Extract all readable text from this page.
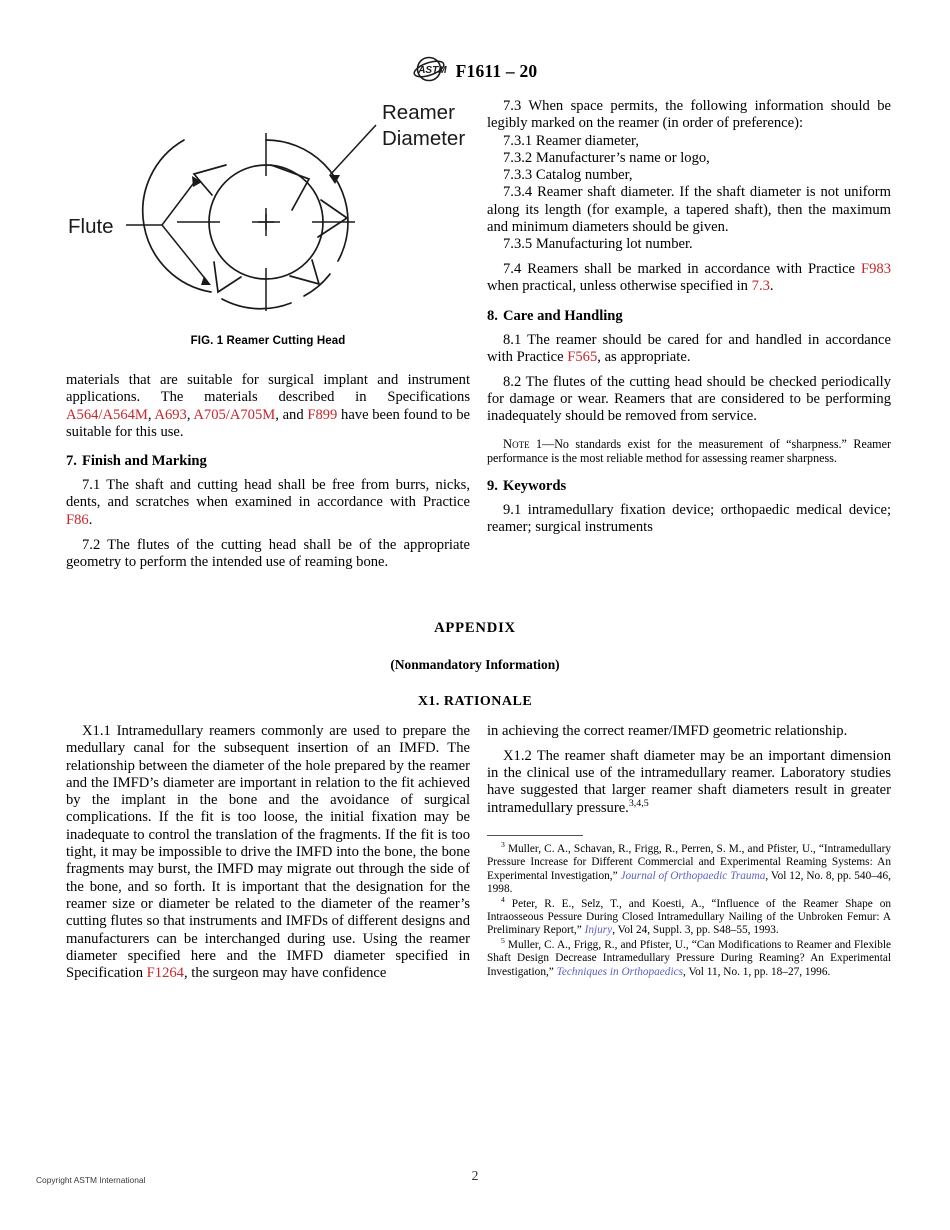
ASTM F1611 – 20
Reamer
Diameter
Flute
FIG. 1 Reamer Cutting Head

materials that are suitable for surgical implant and instrument applications. The materials described in Specifications A564/A564M, A693, A705/A705M, and F899 have been found to be suitable for this use.

7. Finish and Marking

7.1 The shaft and cutting head shall be free from burrs, nicks, dents, and scratches when examined in accordance with Practice F86.

7.2 The flutes of the cutting head shall be of the appropriate geometry to perform the intended use of reaming bone.

7.3 When space permits, the following information should be legibly marked on the reamer (in order of preference):

7.3.1 Reamer diameter,

7.3.2 Manufacturer’s name or logo,

7.3.3 Catalog number,

7.3.4 Reamer shaft diameter. If the shaft diameter is not uniform along its length (for example, a tapered shaft), then the maximum and minimum diameters should be given.

7.3.5 Manufacturing lot number.

7.4 Reamers shall be marked in accordance with Practice F983 when practical, unless otherwise specified in 7.3.

8. Care and Handling

8.1 The reamer should be cared for and handled in accordance with Practice F565, as appropriate.

8.2 The flutes of the cutting head should be checked periodically for damage or wear. Reamers that are considered to be performing inadequately should be removed from service.

Note 1—No standards exist for the measurement of “sharpness.” Reamer performance is the most reliable method for assessing reamer sharpness.

9. Keywords

9.1 intramedullary fixation device; orthopaedic medical device; reamer; surgical instruments

APPENDIX
(Nonmandatory Information)
X1. RATIONALE

X1.1 Intramedullary reamers commonly are used to prepare the medullary canal for the subsequent insertion of an IMFD. The relationship between the diameter of the hole prepared by the reamer and the IMFD’s diameter are important in relation to the fit achieved by the implant in the bone and the avoidance of surgical complications. If the fit is too loose, the initial fixation may be inadequate to control the translation of the fragments. If the fit is too tight, it may be impossible to drive the IMFD into the bone, the bone fragments may burst, the IMFD may migrate out through the side of the bone, and so forth. It is important that the designation for the reamer size or diameter be related to the diameter of the reamer’s cutting flutes so that instruments and IMFDs of different designs and manufacturers can be interchanged during use. Using the reamer diameter specified here and the IMFD diameter specified in Specification F1264, the surgeon may have confidence

in achieving the correct reamer/IMFD geometric relationship.

X1.2 The reamer shaft diameter may be an important dimension in the clinical use of the intramedullary reamer. Laboratory studies have suggested that larger reamer shaft diameters result in greater intramedullary pressure.$^{3,4,5}$

$^3$ Muller, C. A., Schavan, R., Frigg, R., Perren, S. M., and Pfister, U., “Intramedullary Pressure Increase for Different Commercial and Experimental Reaming Systems: An Experimental Investigation,” Journal of Orthopaedic Trauma, Vol 12, No. 8, pp. 540–46, 1998.

$^4$ Peter, R. E., Selz, T., and Koesti, A., “Influence of the Reamer Shape on Intraosseous Pessure During Closed Intramedullary Nailing of the Unbroken Femur: A Preliminary Report,” Injury, Vol 24, Suppl. 3, pp. S48–55, 1993.

$^5$ Muller, C. A., Frigg, R., and Pfister, U., “Can Modifications to Reamer and Flexible Shaft Design Decrease Intramedullary Pressure During Reaming? An Experimental Investigation,” Techniques in Orthopaedics, Vol 11, No. 1, pp. 18–27, 1996.

Copyright ASTM International	2
